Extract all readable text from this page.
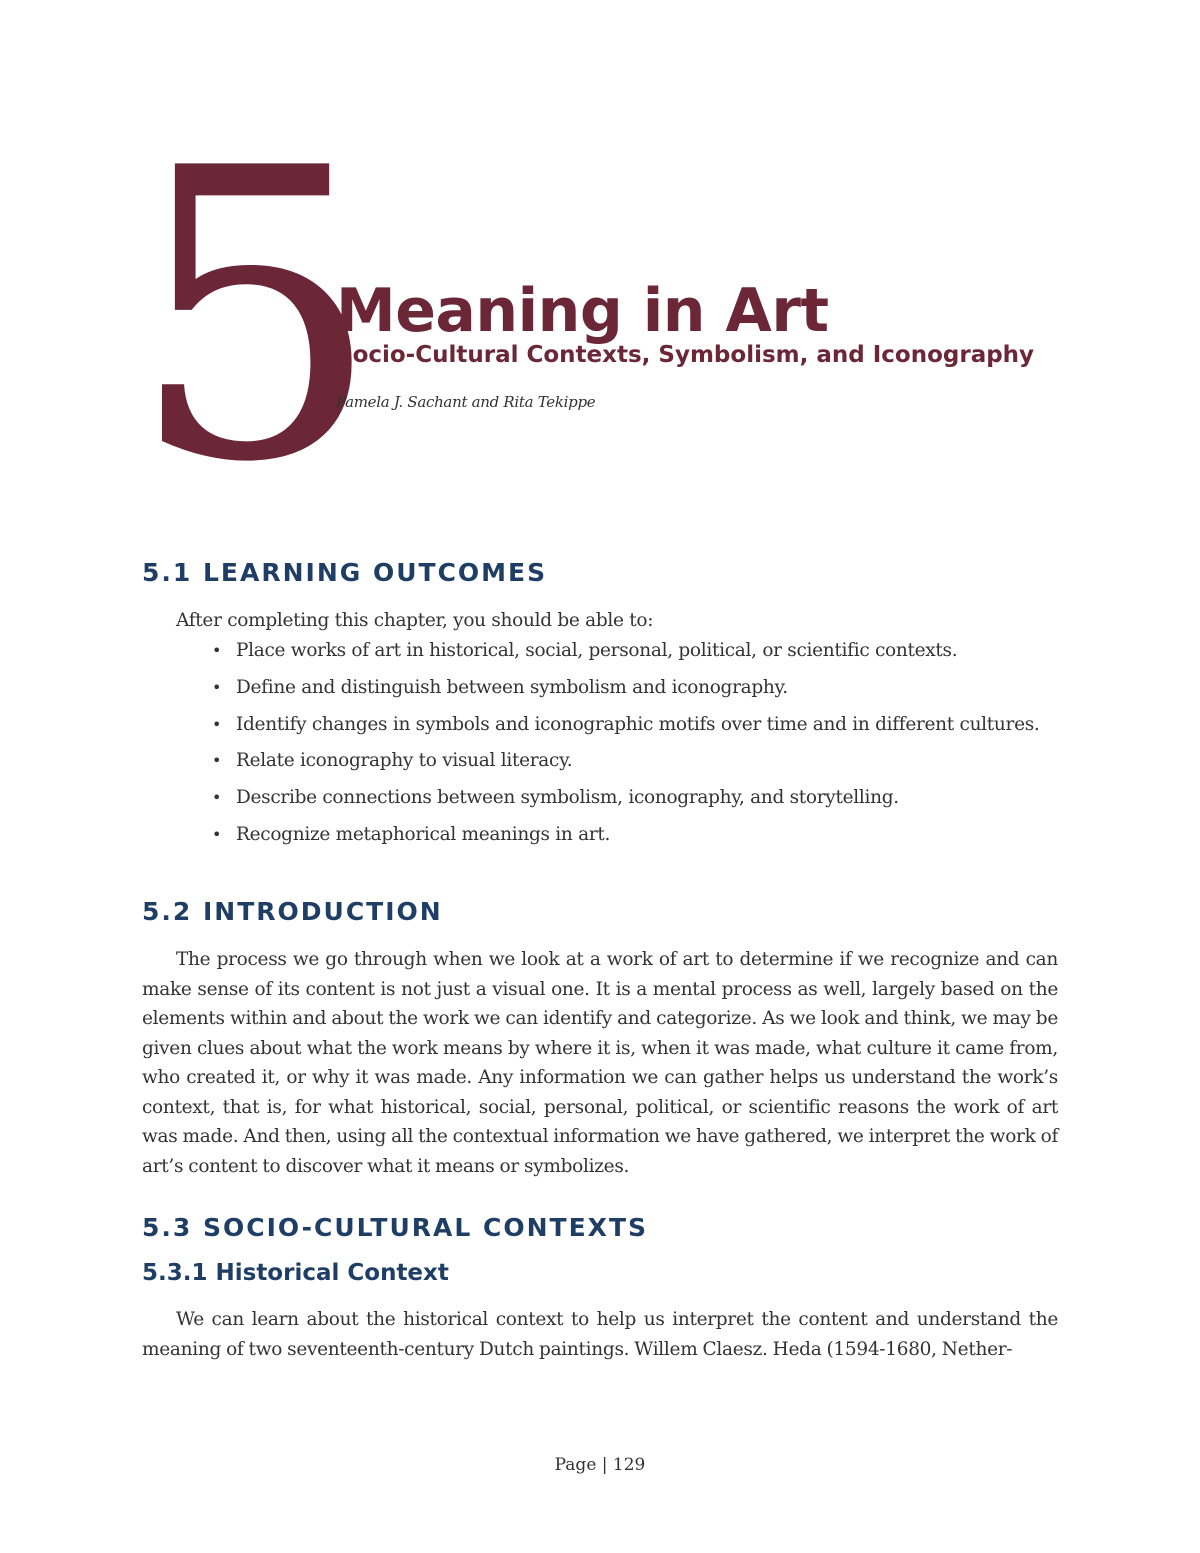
5
Meaning in Art
Socio-Cultural Contexts, Symbolism, and Iconography

Pamela J. Sachant and Rita Tekippe

5.1 LEARNING OUTCOMES

After completing this chapter, you should be able to:

• Place works of art in historical, social, personal, political, or scientific contexts.
• Define and distinguish between symbolism and iconography.
• Identify changes in symbols and iconographic motifs over time and in different cultures.
• Relate iconography to visual literacy.
• Describe connections between symbolism, iconography, and storytelling.
• Recognize metaphorical meanings in art.
5.2 INTRODUCTION

The process we go through when we look at a work of art to determine if we recognize and can make sense of its content is not just a visual one. It is a mental process as well, largely based on the elements within and about the work we can identify and categorize. As we look and think, we may be given clues about what the work means by where it is, when it was made, what culture it came from, who created it, or why it was made. Any information we can gather helps us understand the work’s context, that is, for what historical, social, personal, political, or scientific reasons the work of art was made. And then, using all the contextual information we have gathered, we interpret the work of art’s content to discover what it means or symbolizes.

5.3 SOCIO-CULTURAL CONTEXTS
5.3.1 Historical Context

We can learn about the historical context to help us interpret the content and understand the meaning of two seventeenth-century Dutch paintings. Willem Claesz. Heda (1594-1680, Nether-

Page | 129
